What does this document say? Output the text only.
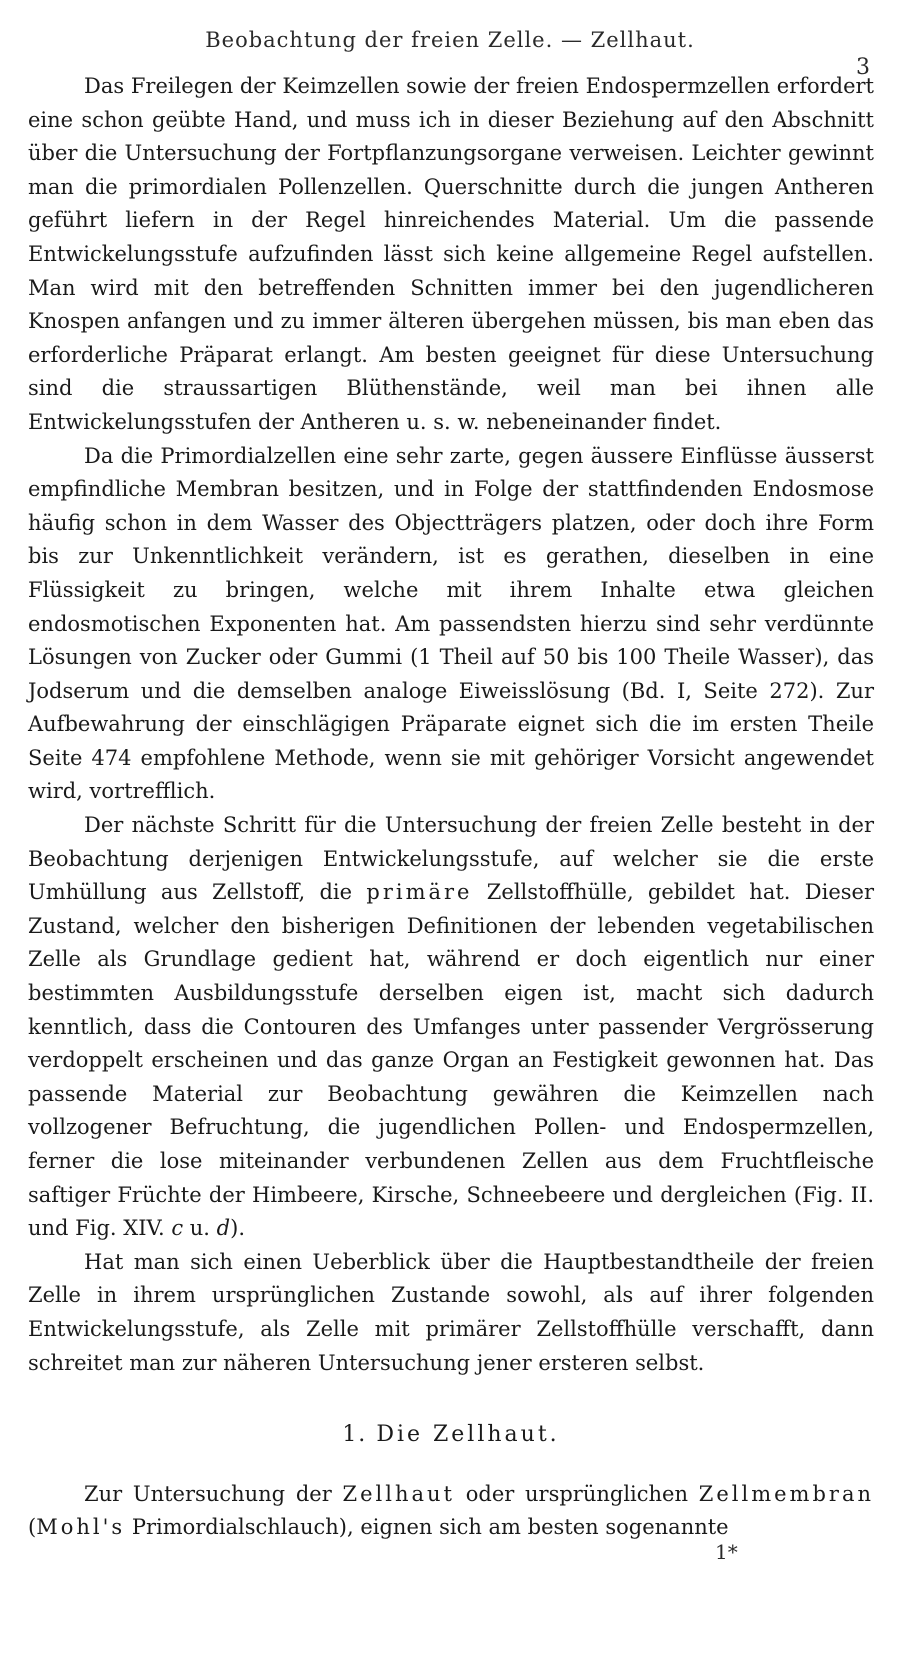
Beobachtung der freien Zelle. — Zellhaut.
3

Das Freilegen der Keimzellen sowie der freien Endospermzellen erfordert eine schon geübte Hand, und muss ich in dieser Beziehung auf den Abschnitt über die Untersuchung der Fortpflanzungsorgane verweisen. Leichter gewinnt man die primordialen Pollenzellen. Querschnitte durch die jungen Antheren geführt liefern in der Regel hinreichendes Material. Um die passende Entwickelungsstufe aufzufinden lässt sich keine allgemeine Regel aufstellen. Man wird mit den betreffenden Schnitten immer bei den jugendlicheren Knospen anfangen und zu immer älteren übergehen müssen, bis man eben das erforderliche Präparat erlangt. Am besten geeignet für diese Untersuchung sind die straussartigen Blüthenstände, weil man bei ihnen alle Entwickelungsstufen der Antheren u. s. w. nebeneinander findet.

Da die Primordialzellen eine sehr zarte, gegen äussere Einflüsse äusserst empfindliche Membran besitzen, und in Folge der stattfindenden Endosmose häufig schon in dem Wasser des Objectträgers platzen, oder doch ihre Form bis zur Unkenntlichkeit verändern, ist es gerathen, dieselben in eine Flüssigkeit zu bringen, welche mit ihrem Inhalte etwa gleichen endosmotischen Exponenten hat. Am passendsten hierzu sind sehr verdünnte Lösungen von Zucker oder Gummi (1 Theil auf 50 bis 100 Theile Wasser), das Jodserum und die demselben analoge Eiweisslösung (Bd. I, Seite 272). Zur Aufbewahrung der einschlägigen Präparate eignet sich die im ersten Theile Seite 474 empfohlene Methode, wenn sie mit gehöriger Vorsicht angewendet wird, vortrefflich.

Der nächste Schritt für die Untersuchung der freien Zelle besteht in der Beobachtung derjenigen Entwickelungsstufe, auf welcher sie die erste Umhüllung aus Zellstoff, die primäre Zellstoffhülle, gebildet hat. Dieser Zustand, welcher den bisherigen Definitionen der lebenden vegetabilischen Zelle als Grundlage gedient hat, während er doch eigentlich nur einer bestimmten Ausbildungsstufe derselben eigen ist, macht sich dadurch kenntlich, dass die Contouren des Umfanges unter passender Vergrösserung verdoppelt erscheinen und das ganze Organ an Festigkeit gewonnen hat. Das passende Material zur Beobachtung gewähren die Keimzellen nach vollzogener Befruchtung, die jugendlichen Pollen- und Endospermzellen, ferner die lose miteinander verbundenen Zellen aus dem Fruchtfleische saftiger Früchte der Himbeere, Kirsche, Schneebeere und dergleichen (Fig. II. und Fig. XIV. c u. d).

Hat man sich einen Ueberblick über die Hauptbestandtheile der freien Zelle in ihrem ursprünglichen Zustande sowohl, als auf ihrer folgenden Entwickelungsstufe, als Zelle mit primärer Zellstoffhülle verschafft, dann schreitet man zur näheren Untersuchung jener ersteren selbst.

1. Die Zellhaut.

Zur Untersuchung der Zellhaut oder ursprünglichen Zellmembran (Mohl's Primordialschlauch), eignen sich am besten sogenannte

1*
